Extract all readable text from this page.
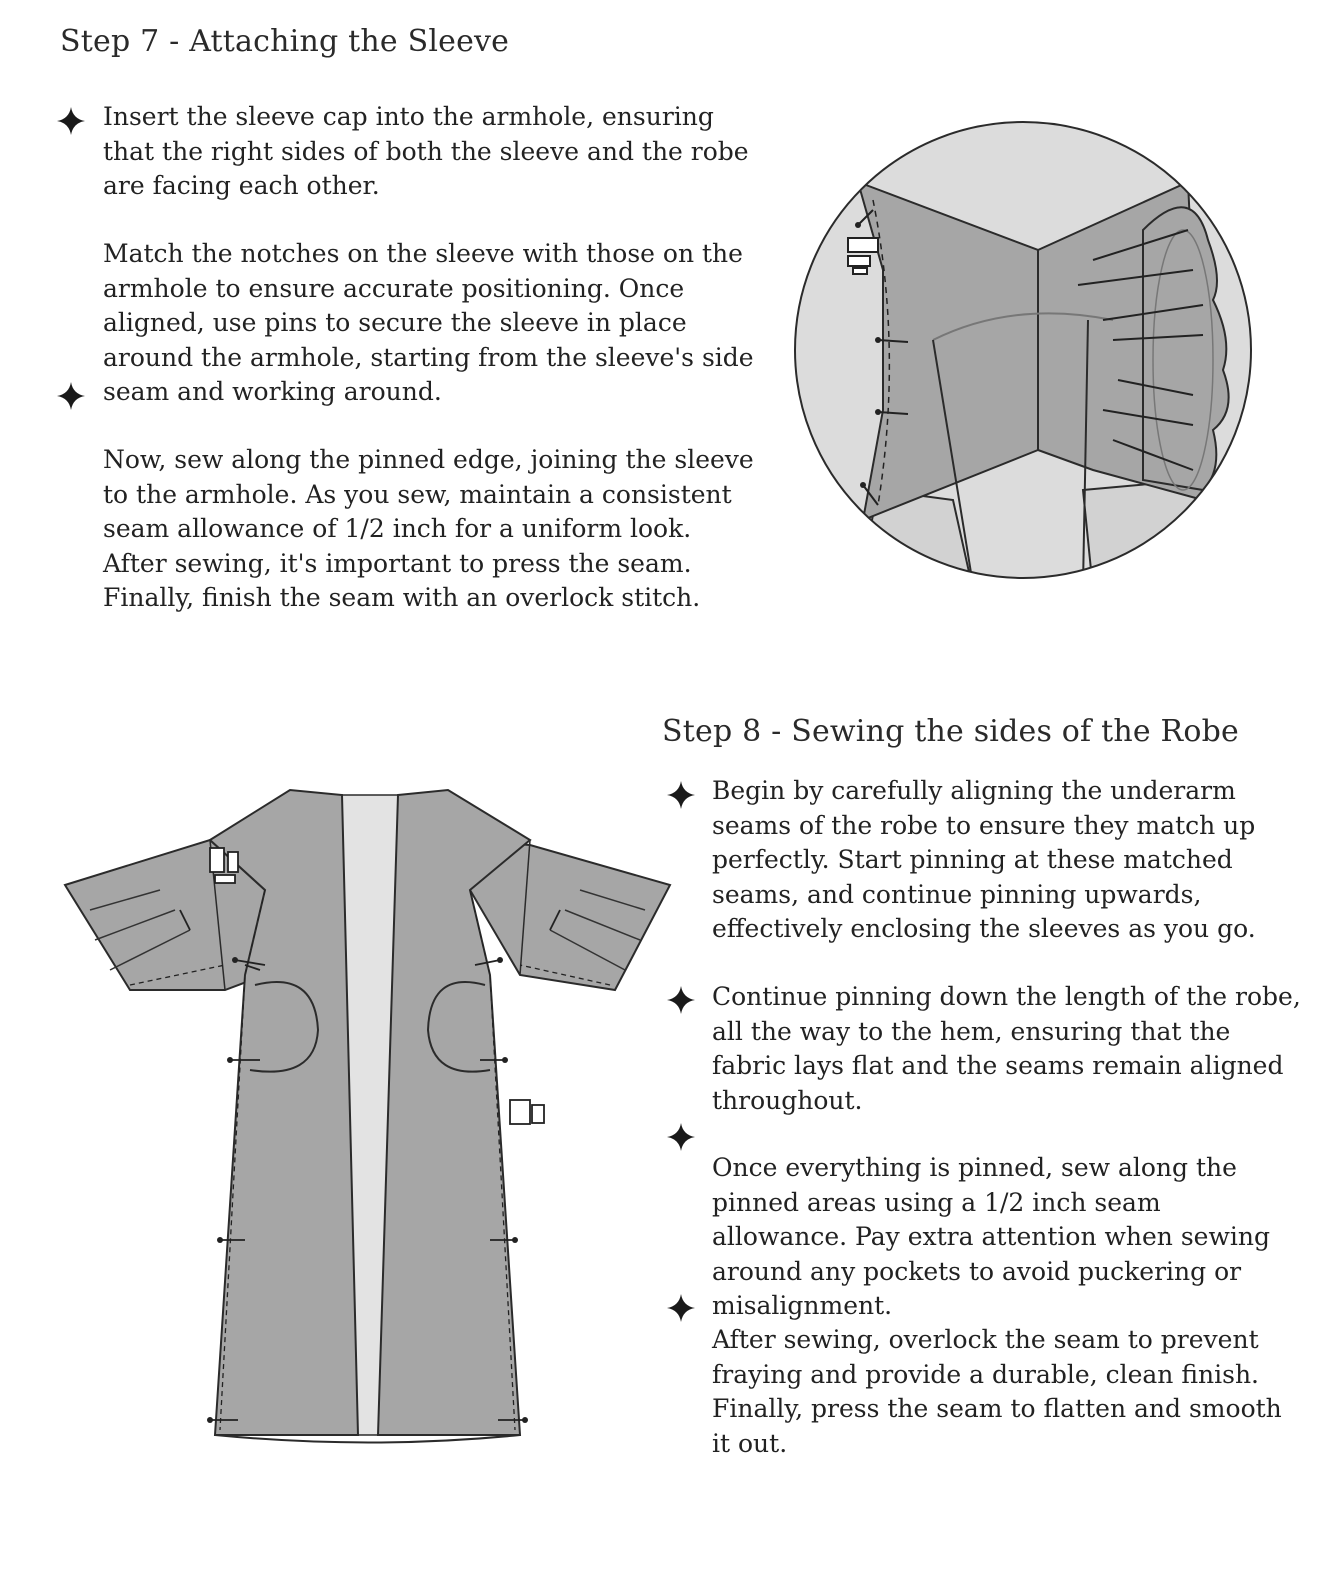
Step 7 - Attaching the Sleeve

Insert the sleeve cap into the armhole, ensuring that the right sides of both the sleeve and the robe are facing each other.

Match the notches on the sleeve with those on the armhole to ensure accurate positioning. Once aligned, use pins to secure the sleeve in place around the armhole, starting from the sleeve's side seam and working around.

Now, sew along the pinned edge, joining the sleeve to the armhole. As you sew, maintain a consistent seam allowance of 1/2 inch for a uniform look. After sewing, it's important to press the seam. Finally, finish the seam with an overlock stitch.

Step 8 - Sewing the sides of the Robe

Begin by carefully aligning the underarm seams of the robe to ensure they match up perfectly. Start pinning at these matched seams, and continue pinning upwards, effectively enclosing the sleeves as you go.

Continue pinning down the length of the robe, all the way to the hem, ensuring that the fabric lays flat and the seams remain aligned throughout.

Once everything is pinned, sew along the pinned areas using a 1/2 inch seam allowance. Pay extra attention when sewing around any pockets to avoid puckering or misalignment.

After sewing, overlock the seam to prevent fraying and provide a durable, clean finish. Finally, press the seam to flatten and smooth it out.
